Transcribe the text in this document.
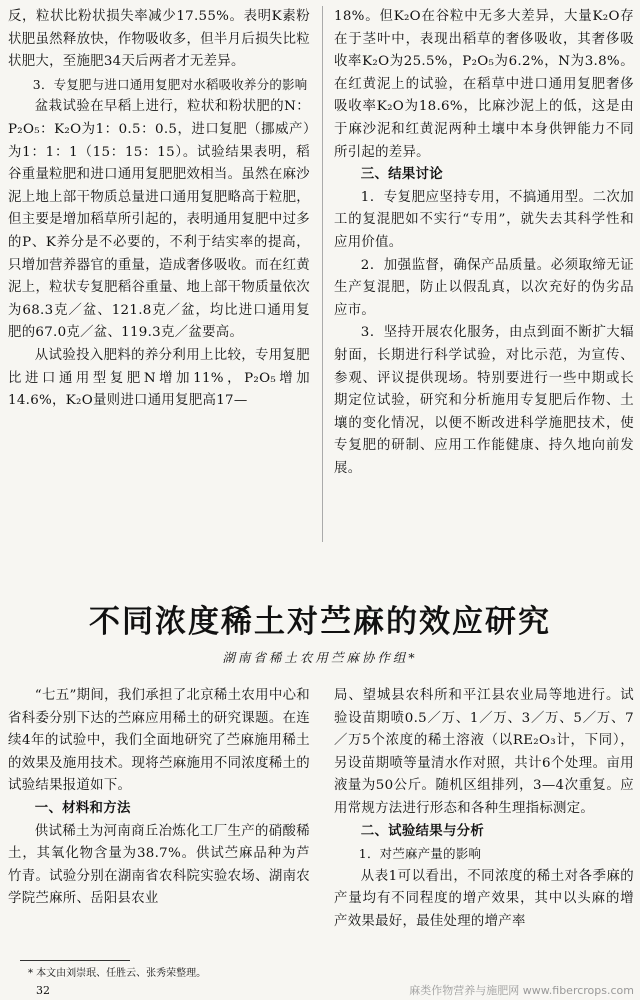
反，粒状比粉状损失率减少17.55%。表明K素粉状肥虽然释放快，作物吸收多，但半月后损失比粒状肥大，至施肥34天后两者才无差异。

3．专复肥与进口通用复肥对水稻吸收养分的影响

盆栽试验在早稻上进行，粒状和粉状肥的N：P₂O₅：K₂O为1：0.5：0.5，进口复肥（挪威产）为1：1：1（15：15：15）。试验结果表明，稻谷重量粒肥和进口通用复肥肥效相当。虽然在麻沙泥上地上部干物质总量进口通用复肥略高于粒肥，但主要是增加稻草所引起的，表明通用复肥中过多的P、K养分是不必要的，不利于结实率的提高，只增加营养器官的重量，造成奢侈吸收。而在红黄泥上，粒状专复肥稻谷重量、地上部干物质量依次为68.3克／盆、121.8克／盆，均比进口通用复肥的67.0克／盆、119.3克／盆要高。

从试验投入肥料的养分利用上比较，专用复肥比进口通用型复肥N增加11%，P₂O₅增加14.6%，K₂O量则进口通用复肥高17—

18%。但K₂O在谷粒中无多大差异，大量K₂O存在于茎叶中，表现出稻草的奢侈吸收，其奢侈吸收率K₂O为25.5%，P₂O₅为6.2%，N为3.8%。在红黄泥上的试验，在稻草中进口通用复肥奢侈吸收率K₂O为18.6%，比麻沙泥上的低，这是由于麻沙泥和红黄泥两种土壤中本身供钾能力不同所引起的差异。

三、结果讨论

1．专复肥应坚持专用，不搞通用型。二次加工的复混肥如不实行“专用”，就失去其科学性和应用价值。

2．加强监督，确保产品质量。必须取缔无证生产复混肥，防止以假乱真，以次充好的伪劣品应市。

3．坚持开展农化服务，由点到面不断扩大辐射面，长期进行科学试验，对比示范，为宣传、参观、评议提供现场。特别要进行一些中期或长期定位试验，研究和分析施用专复肥后作物、土壤的变化情况，以便不断改进科学施肥技术，使专复肥的研制、应用工作能健康、持久地向前发展。

不同浓度稀土对苎麻的效应研究

湖南省稀土农用苎麻协作组*

“七五”期间，我们承担了北京稀土农用中心和省科委分别下达的苎麻应用稀土的研究课题。在连续4年的试验中，我们全面地研究了苎麻施用稀土的效果及施用技术。现将苎麻施用不同浓度稀土的试验结果报道如下。

一、材料和方法

供试稀土为河南商丘冶炼化工厂生产的硝酸稀土，其氧化物含量为38.7%。供试苎麻品种为芦竹青。试验分别在湖南省农科院实验农场、湖南农学院苎麻所、岳阳县农业

局、望城县农科所和平江县农业局等地进行。试验设苗期喷0.5／万、1／万、3／万、5／万、7／万5个浓度的稀土溶液（以RE₂O₃计，下同），另设苗期喷等量清水作对照，共计6个处理。亩用液量为50公斤。随机区组排列，3—4次重复。应用常规方法进行形态和各种生理指标测定。

二、试验结果与分析

1．对苎麻产量的影响

从表1可以看出，不同浓度的稀土对各季麻的产量均有不同程度的增产效果，其中以头麻的增产效果最好，最佳处理的增产率

* 本文由刘崇珉、任胜云、张秀荣整理。

32	麻类作物营养与施肥网 www.fibercrops.com
